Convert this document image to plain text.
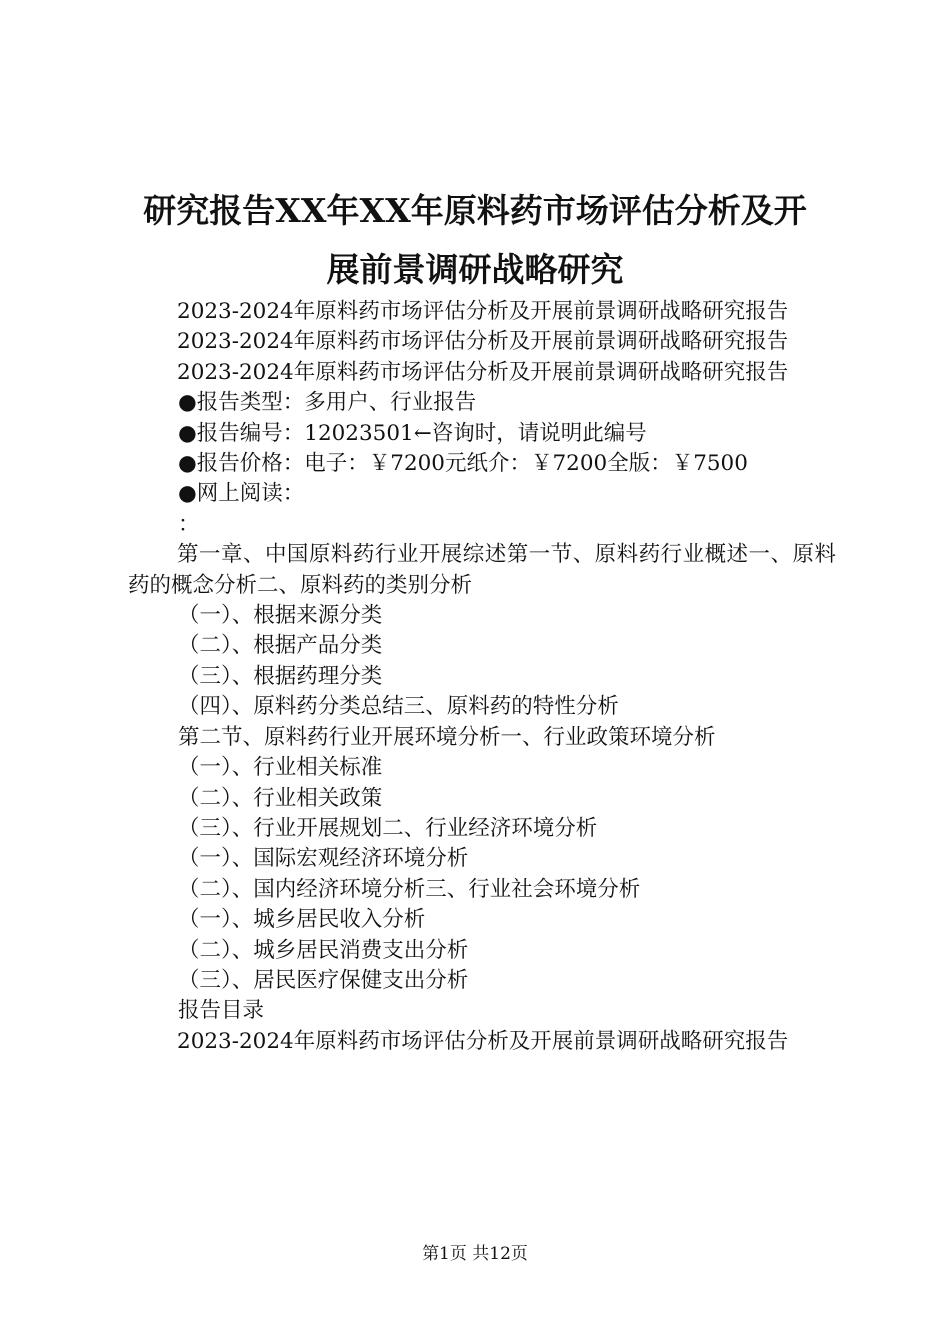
研究报告XX年XX年原料药市场评估分析及开
展前景调研战略研究

2023-2024年原料药市场评估分析及开展前景调研战略研究报告

2023-2024年原料药市场评估分析及开展前景调研战略研究报告

2023-2024年原料药市场评估分析及开展前景调研战略研究报告

●报告类型：多用户、行业报告

●报告编号：12023501←咨询时，请说明此编号

●报告价格：电子：￥7200元纸介：￥7200全版：￥7500

●网上阅读：

：

第一章、中国原料药行业开展综述第一节、原料药行业概述一、原料药的概念分析二、原料药的类别分析

（一）、根据来源分类

（二）、根据产品分类

（三）、根据药理分类

（四）、原料药分类总结三、原料药的特性分析

第二节、原料药行业开展环境分析一、行业政策环境分析

（一）、行业相关标准

（二）、行业相关政策

（三）、行业开展规划二、行业经济环境分析

（一）、国际宏观经济环境分析

（二）、国内经济环境分析三、行业社会环境分析

（一）、城乡居民收入分析

（二）、城乡居民消费支出分析

（三）、居民医疗保健支出分析

报告目录

2023-2024年原料药市场评估分析及开展前景调研战略研究报告

第1页 共12页
